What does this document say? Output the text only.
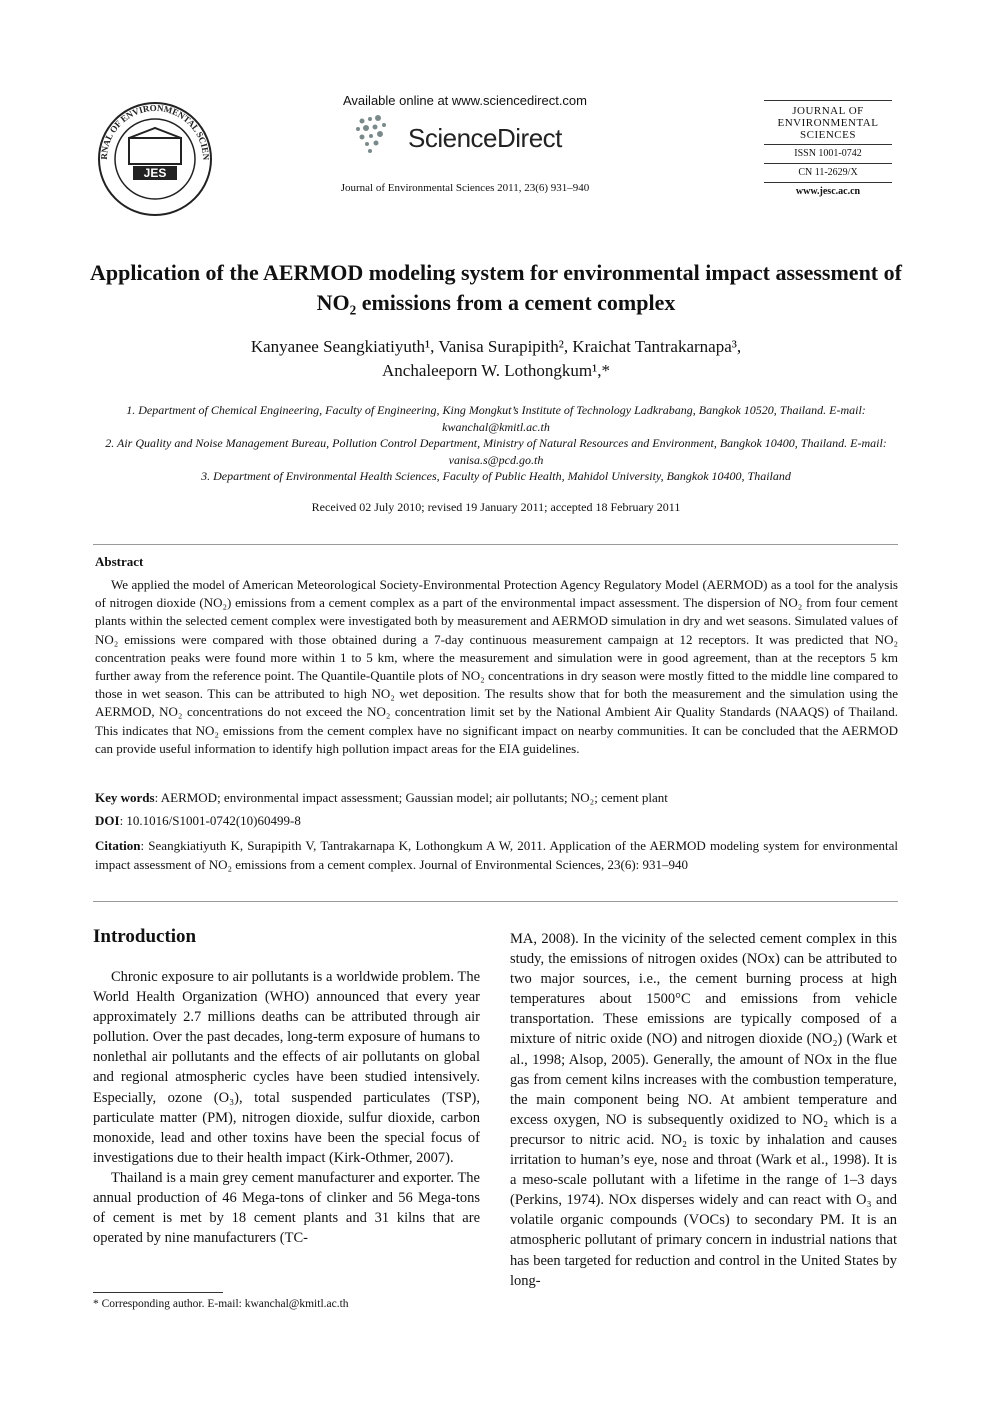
RNAL OF ENVIRONMENTAL SCIEN
JES
Available online at www.sciencedirect.com
ScienceDirect
Journal of Environmental Sciences 2011, 23(6) 931–940
JOURNAL OF
ENVIRONMENTAL
SCIENCES
ISSN 1001-0742
CN 11-2629/X
www.jesc.ac.cn
Application of the AERMOD modeling system for environmental impact assessment of NO₂ emissions from a cement complex
Kanyanee Seangkiatiyuth¹, Vanisa Surapipith², Kraichat Tantrakarnapa³,
Anchaleeporn W. Lothongkum¹,*
1. Department of Chemical Engineering, Faculty of Engineering, King Mongkut’s Institute of Technology Ladkrabang, Bangkok 10520, Thailand. E-mail: kwanchal@kmitl.ac.th
2. Air Quality and Noise Management Bureau, Pollution Control Department, Ministry of Natural Resources and Environment, Bangkok 10400, Thailand. E-mail: vanisa.s@pcd.go.th
3. Department of Environmental Health Sciences, Faculty of Public Health, Mahidol University, Bangkok 10400, Thailand
Received 02 July 2010; revised 19 January 2011; accepted 18 February 2011
Abstract
We applied the model of American Meteorological Society-Environmental Protection Agency Regulatory Model (AERMOD) as a tool for the analysis of nitrogen dioxide (NO₂) emissions from a cement complex as a part of the environmental impact assessment. The dispersion of NO₂ from four cement plants within the selected cement complex were investigated both by measurement and AERMOD simulation in dry and wet seasons. Simulated values of NO₂ emissions were compared with those obtained during a 7-day continuous measurement campaign at 12 receptors. It was predicted that NO₂ concentration peaks were found more within 1 to 5 km, where the measurement and simulation were in good agreement, than at the receptors 5 km further away from the reference point. The Quantile-Quantile plots of NO₂ concentrations in dry season were mostly fitted to the middle line compared to those in wet season. This can be attributed to high NO₂ wet deposition. The results show that for both the measurement and the simulation using the AERMOD, NO₂ concentrations do not exceed the NO₂ concentration limit set by the National Ambient Air Quality Standards (NAAQS) of Thailand. This indicates that NO₂ emissions from the cement complex have no significant impact on nearby communities. It can be concluded that the AERMOD can provide useful information to identify high pollution impact areas for the EIA guidelines.
Key words: AERMOD; environmental impact assessment; Gaussian model; air pollutants; NO₂; cement plant
DOI: 10.1016/S1001-0742(10)60499-8
Citation: Seangkiatiyuth K, Surapipith V, Tantrakarnapa K, Lothongkum A W, 2011. Application of the AERMOD modeling system for environmental impact assessment of NO₂ emissions from a cement complex. Journal of Environmental Sciences, 23(6): 931–940
Introduction

Chronic exposure to air pollutants is a worldwide problem. The World Health Organization (WHO) announced that every year approximately 2.7 millions deaths can be attributed through air pollution. Over the past decades, long-term exposure of humans to nonlethal air pollutants and the effects of air pollutants on global and regional atmospheric cycles have been studied intensively. Especially, ozone (O₃), total suspended particulates (TSP), particulate matter (PM), nitrogen dioxide, sulfur dioxide, carbon monoxide, lead and other toxins have been the special focus of investigations due to their health impact (Kirk-Othmer, 2007).

Thailand is a main grey cement manufacturer and exporter. The annual production of 46 Mega-tons of clinker and 56 Mega-tons of cement is met by 18 cement plants and 31 kilns that are operated by nine manufacturers (TC-

MA, 2008). In the vicinity of the selected cement complex in this study, the emissions of nitrogen oxides (NOx) can be attributed to two major sources, i.e., the cement burning process at high temperatures about 1500°C and emissions from vehicle transportation. These emissions are typically composed of a mixture of nitric oxide (NO) and nitrogen dioxide (NO₂) (Wark et al., 1998; Alsop, 2005). Generally, the amount of NOx in the flue gas from cement kilns increases with the combustion temperature, the main component being NO. At ambient temperature and excess oxygen, NO is subsequently oxidized to NO₂ which is a precursor to nitric acid. NO₂ is toxic by inhalation and causes irritation to human’s eye, nose and throat (Wark et al., 1998). It is a meso-scale pollutant with a lifetime in the range of 1–3 days (Perkins, 1974). NOx disperses widely and can react with O₃ and volatile organic compounds (VOCs) to secondary PM. It is an atmospheric pollutant of primary concern in industrial nations that has been targeted for reduction and control in the United States by long-

* Corresponding author. E-mail: kwanchal@kmitl.ac.th
